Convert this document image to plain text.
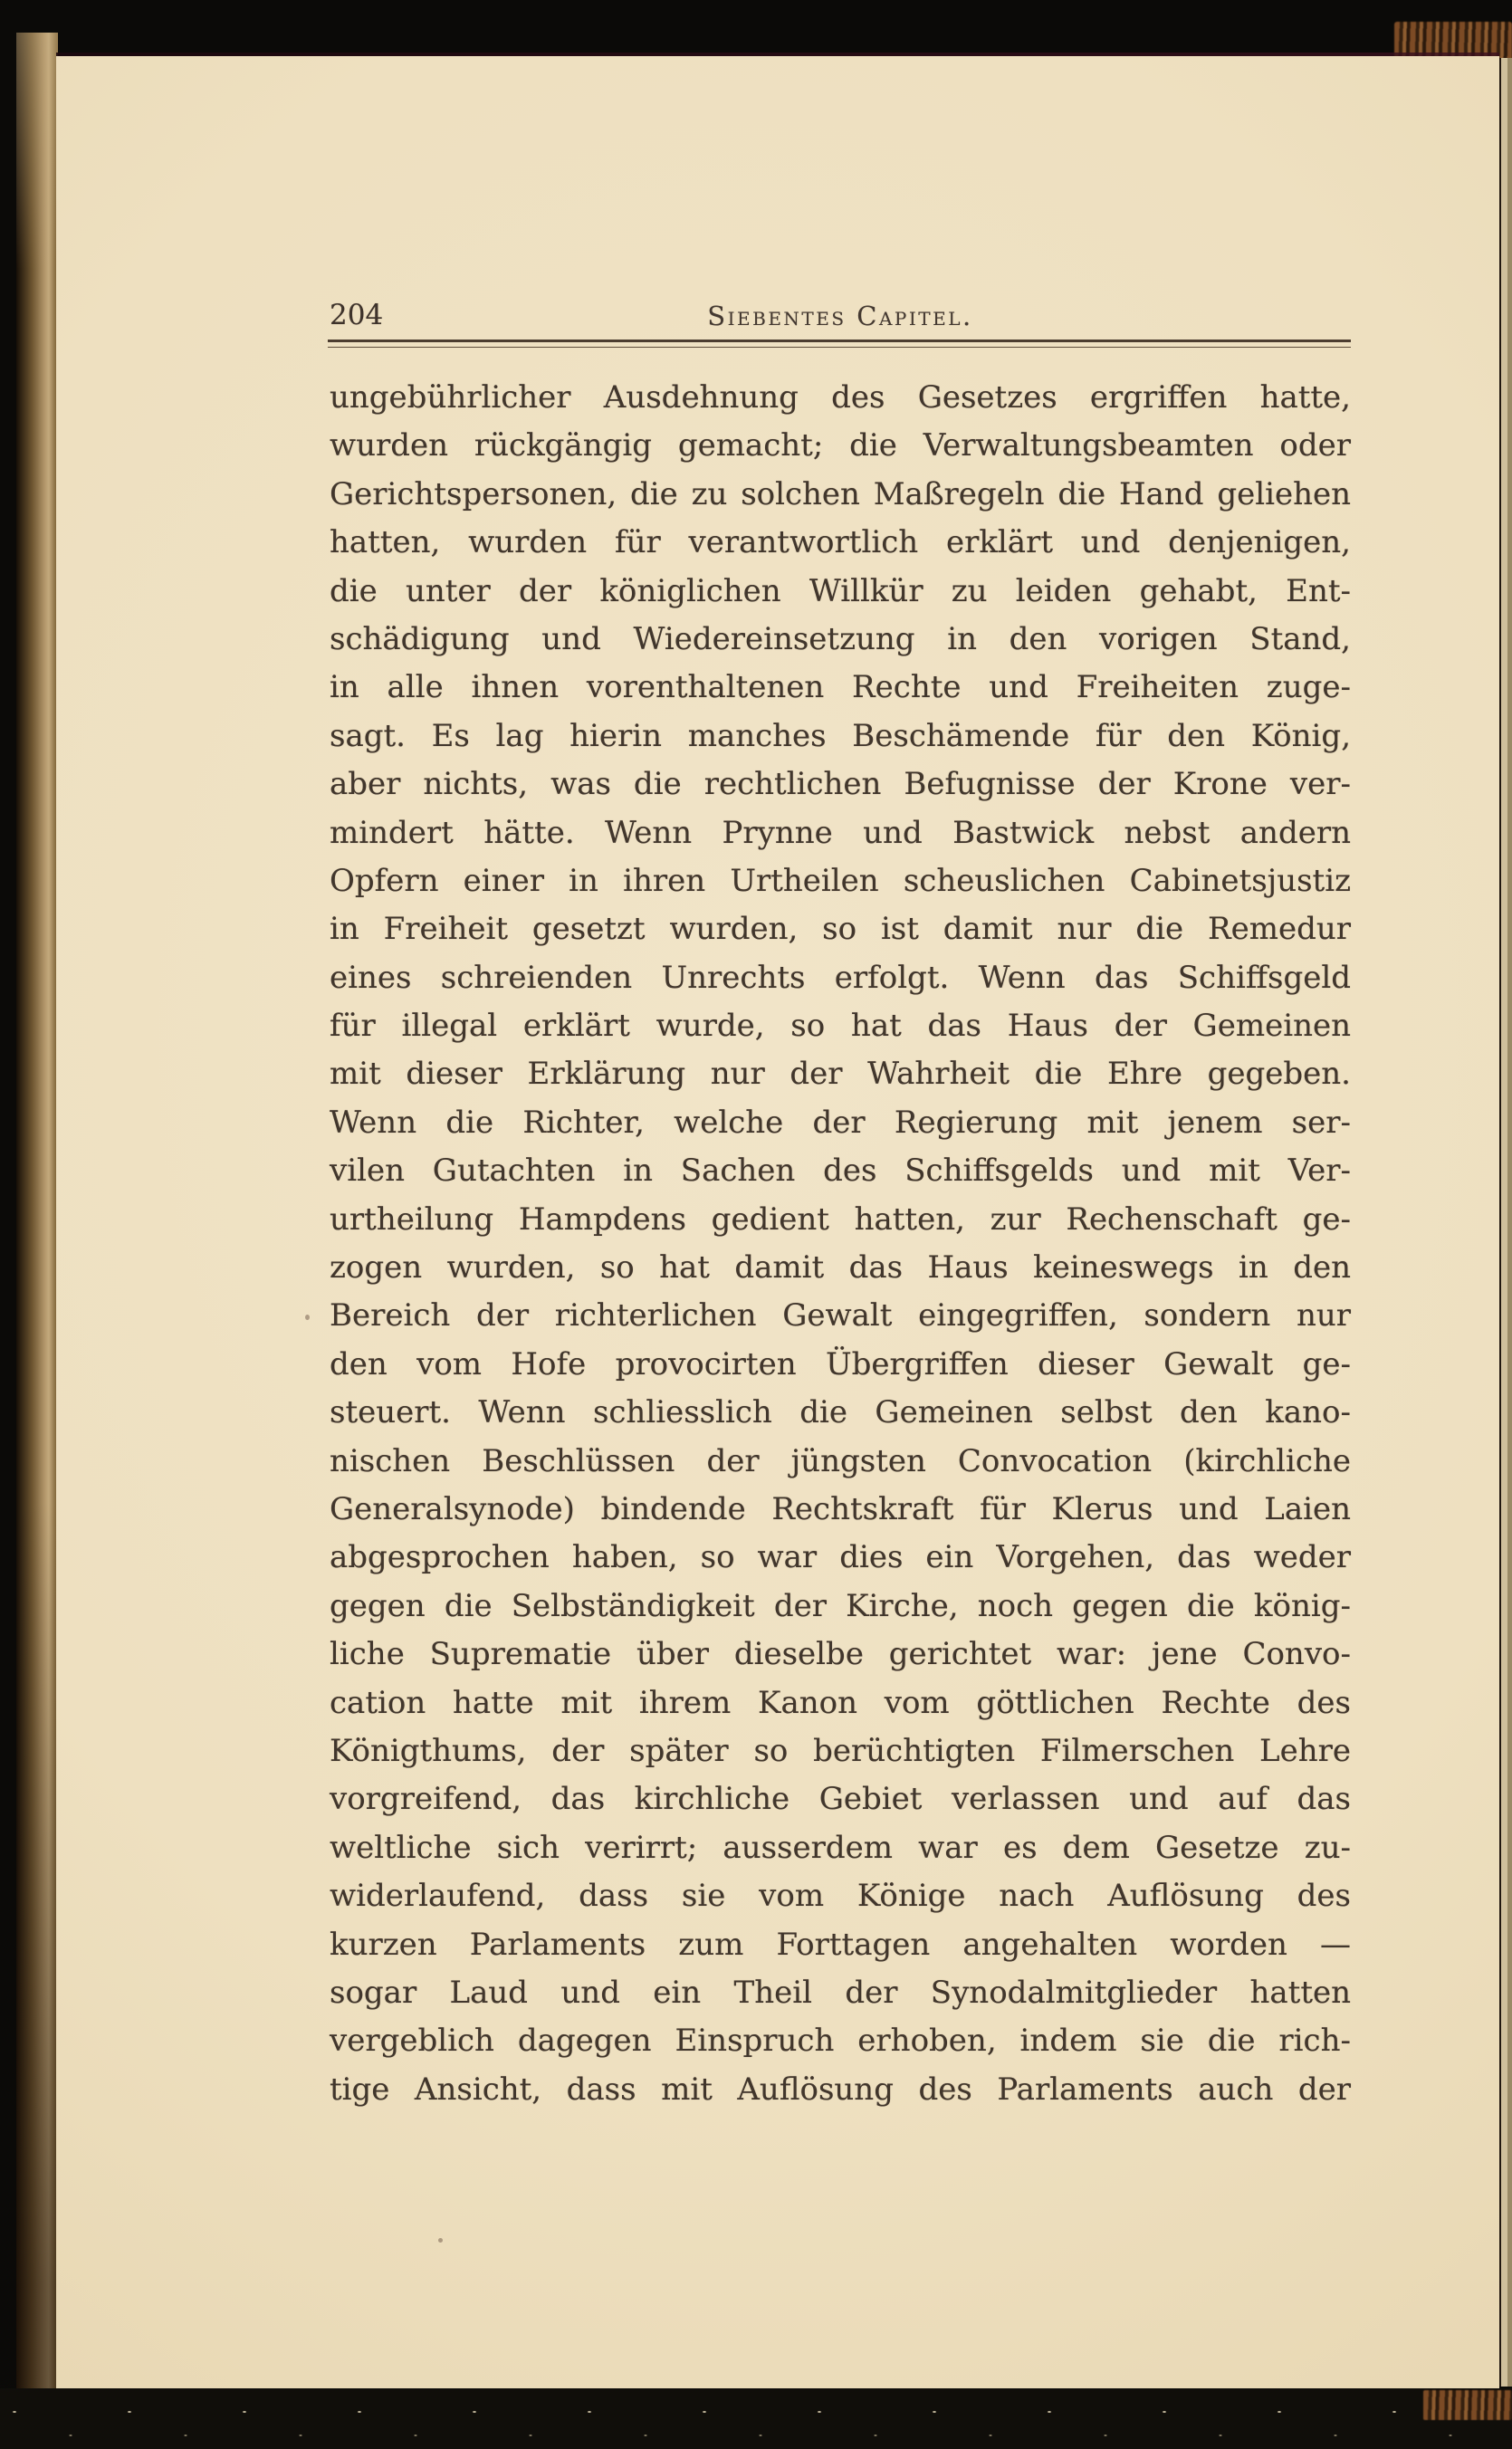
204	Siebentes Capitel.
ungebührlicher Ausdehnung des Gesetzes ergriffen hatte,
wurden rückgängig gemacht; die Verwaltungsbeamten oder
Gerichtspersonen, die zu solchen Maßregeln die Hand geliehen
hatten, wurden für verantwortlich erklärt und denjenigen,
die unter der königlichen Willkür zu leiden gehabt, Ent-
schädigung und Wiedereinsetzung in den vorigen Stand,
in alle ihnen vorenthaltenen Rechte und Freiheiten zuge-
sagt. Es lag hierin manches Beschämende für den König,
aber nichts, was die rechtlichen Befugnisse der Krone ver-
mindert hätte. Wenn Prynne und Bastwick nebst andern
Opfern einer in ihren Urtheilen scheuslichen Cabinetsjustiz
in Freiheit gesetzt wurden, so ist damit nur die Remedur
eines schreienden Unrechts erfolgt. Wenn das Schiffsgeld
für illegal erklärt wurde, so hat das Haus der Gemeinen
mit dieser Erklärung nur der Wahrheit die Ehre gegeben.
Wenn die Richter, welche der Regierung mit jenem ser-
vilen Gutachten in Sachen des Schiffsgelds und mit Ver-
urtheilung Hampdens gedient hatten, zur Rechenschaft ge-
zogen wurden, so hat damit das Haus keineswegs in den
Bereich der richterlichen Gewalt eingegriffen, sondern nur
den vom Hofe provocirten Übergriffen dieser Gewalt ge-
steuert. Wenn schliesslich die Gemeinen selbst den kano-
nischen Beschlüssen der jüngsten Convocation (kirchliche
Generalsynode) bindende Rechtskraft für Klerus und Laien
abgesprochen haben, so war dies ein Vorgehen, das weder
gegen die Selbständigkeit der Kirche, noch gegen die könig-
liche Suprematie über dieselbe gerichtet war: jene Convo-
cation hatte mit ihrem Kanon vom göttlichen Rechte des
Königthums, der später so berüchtigten Filmerschen Lehre
vorgreifend, das kirchliche Gebiet verlassen und auf das
weltliche sich verirrt; ausserdem war es dem Gesetze zu-
widerlaufend, dass sie vom Könige nach Auflösung des
kurzen Parlaments zum Forttagen angehalten worden —
sogar Laud und ein Theil der Synodalmitglieder hatten
vergeblich dagegen Einspruch erhoben, indem sie die rich-
tige Ansicht, dass mit Auflösung des Parlaments auch der
